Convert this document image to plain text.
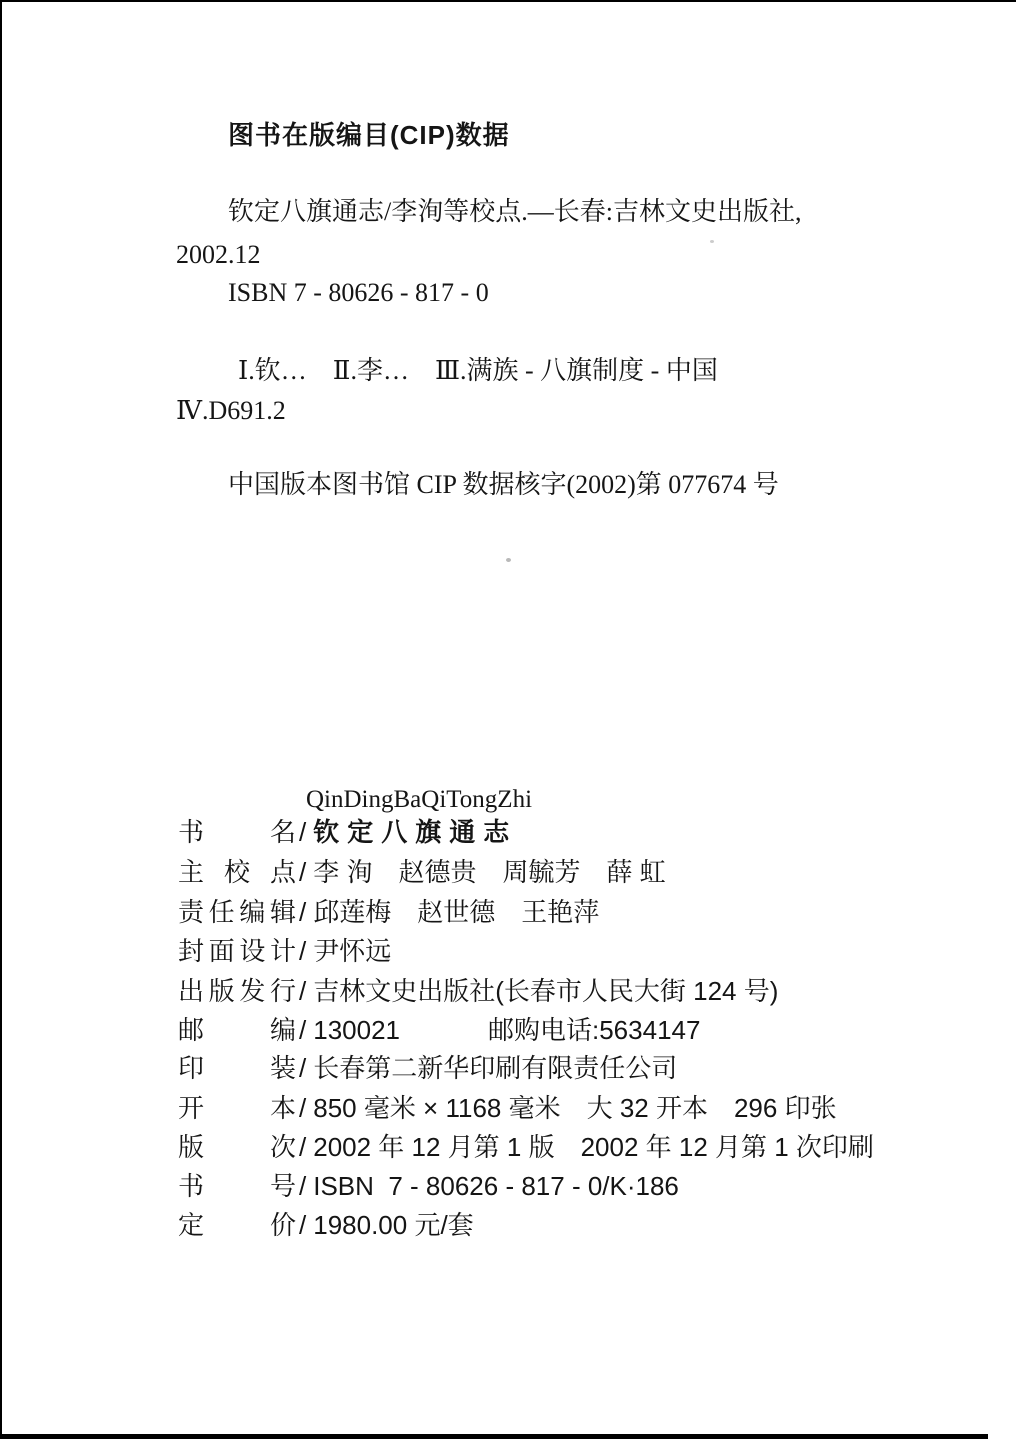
图书在版编目(CIP)数据
钦定八旗通志/李洵等校点.—长春:吉林文史出版社,
2002.12
ISBN 7 - 80626 - 817 - 0
Ⅰ.钦…　Ⅱ.李…　Ⅲ.满族 - 八旗制度 - 中国
Ⅳ.D691.2
中国版本图书馆 CIP 数据核字(2002)第 077674 号
QinDingBaQiTongZhi
书名 / 钦定八旗通志
主校点 / 李 洵　赵德贵　周毓芳　薛 虹
责任编辑 / 邱莲梅　赵世德　王艳萍
封面设计 / 尹怀远
出版发行 / 吉林文史出版社(长春市人民大街 124 号)
邮编 / 130021	邮购电话:5634147
印装 / 长春第二新华印刷有限责任公司
开本 / 850 毫米 × 1168 毫米　大 32 开本　296 印张
版次 / 2002 年 12 月第 1 版　2002 年 12 月第 1 次印刷
书号 / ISBN  7 - 80626 - 817 - 0/K·186
定价 / 1980.00 元/套
